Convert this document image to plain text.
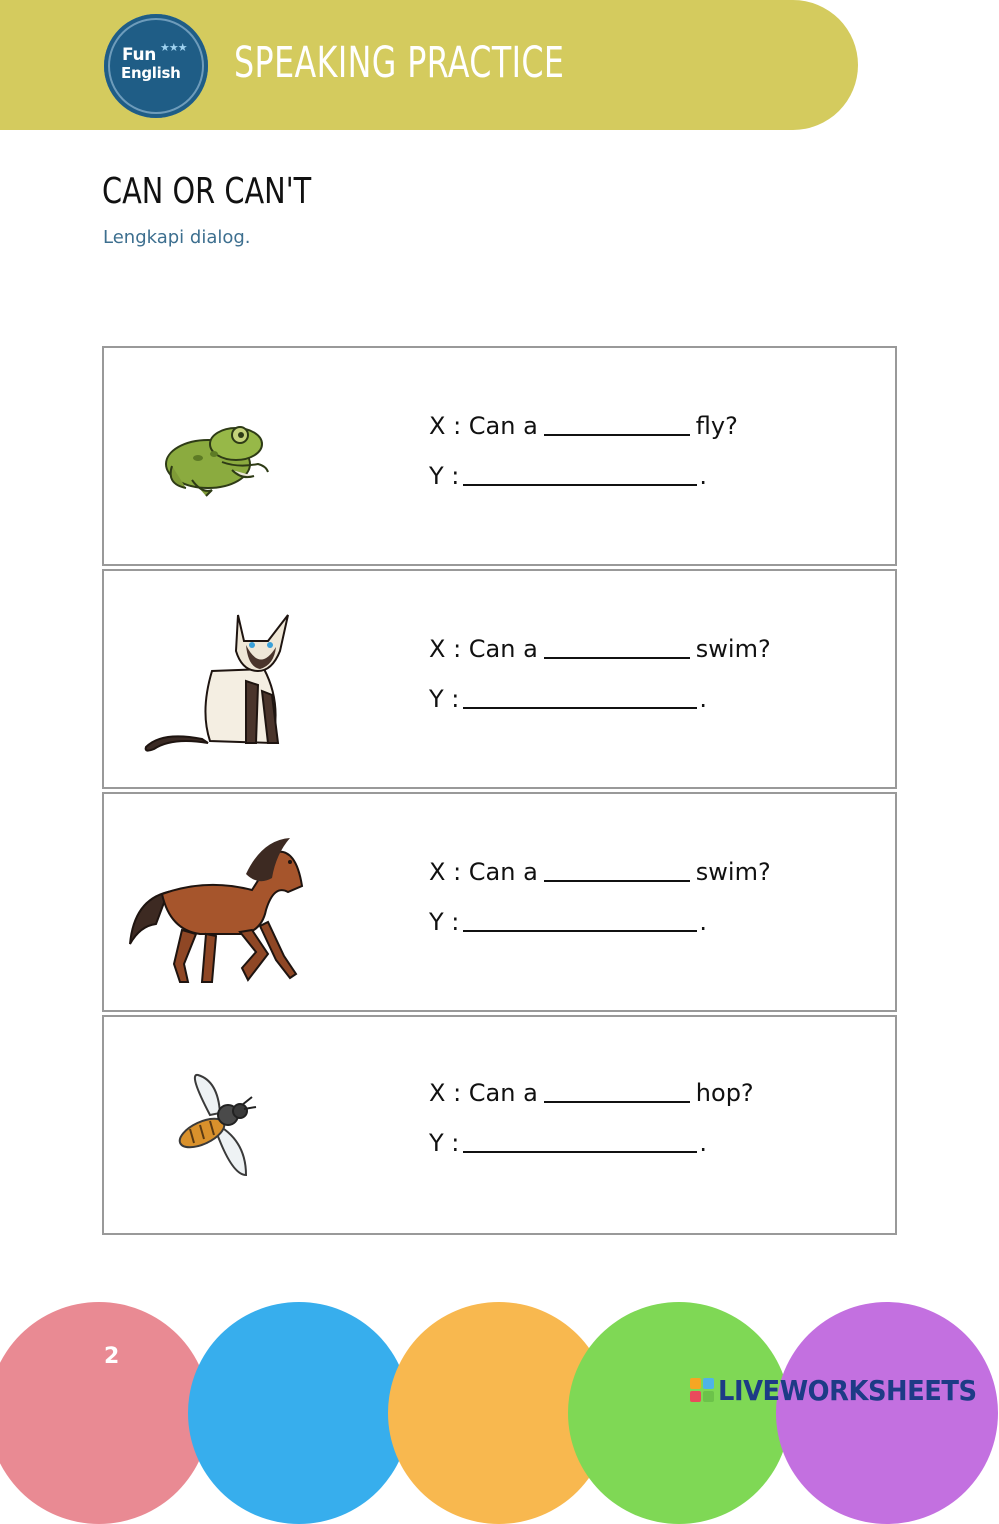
Fun ★★★
English SPEAKING PRACTICE
CAN OR CAN'T
Lengkapi dialog.
X : Can a	fly?
Y :	.
X : Can a	swim?
Y :	.
X : Can a	swim?
Y :	.
X : Can a	hop?
Y :	.
2
LIVEWORKSHEETS
